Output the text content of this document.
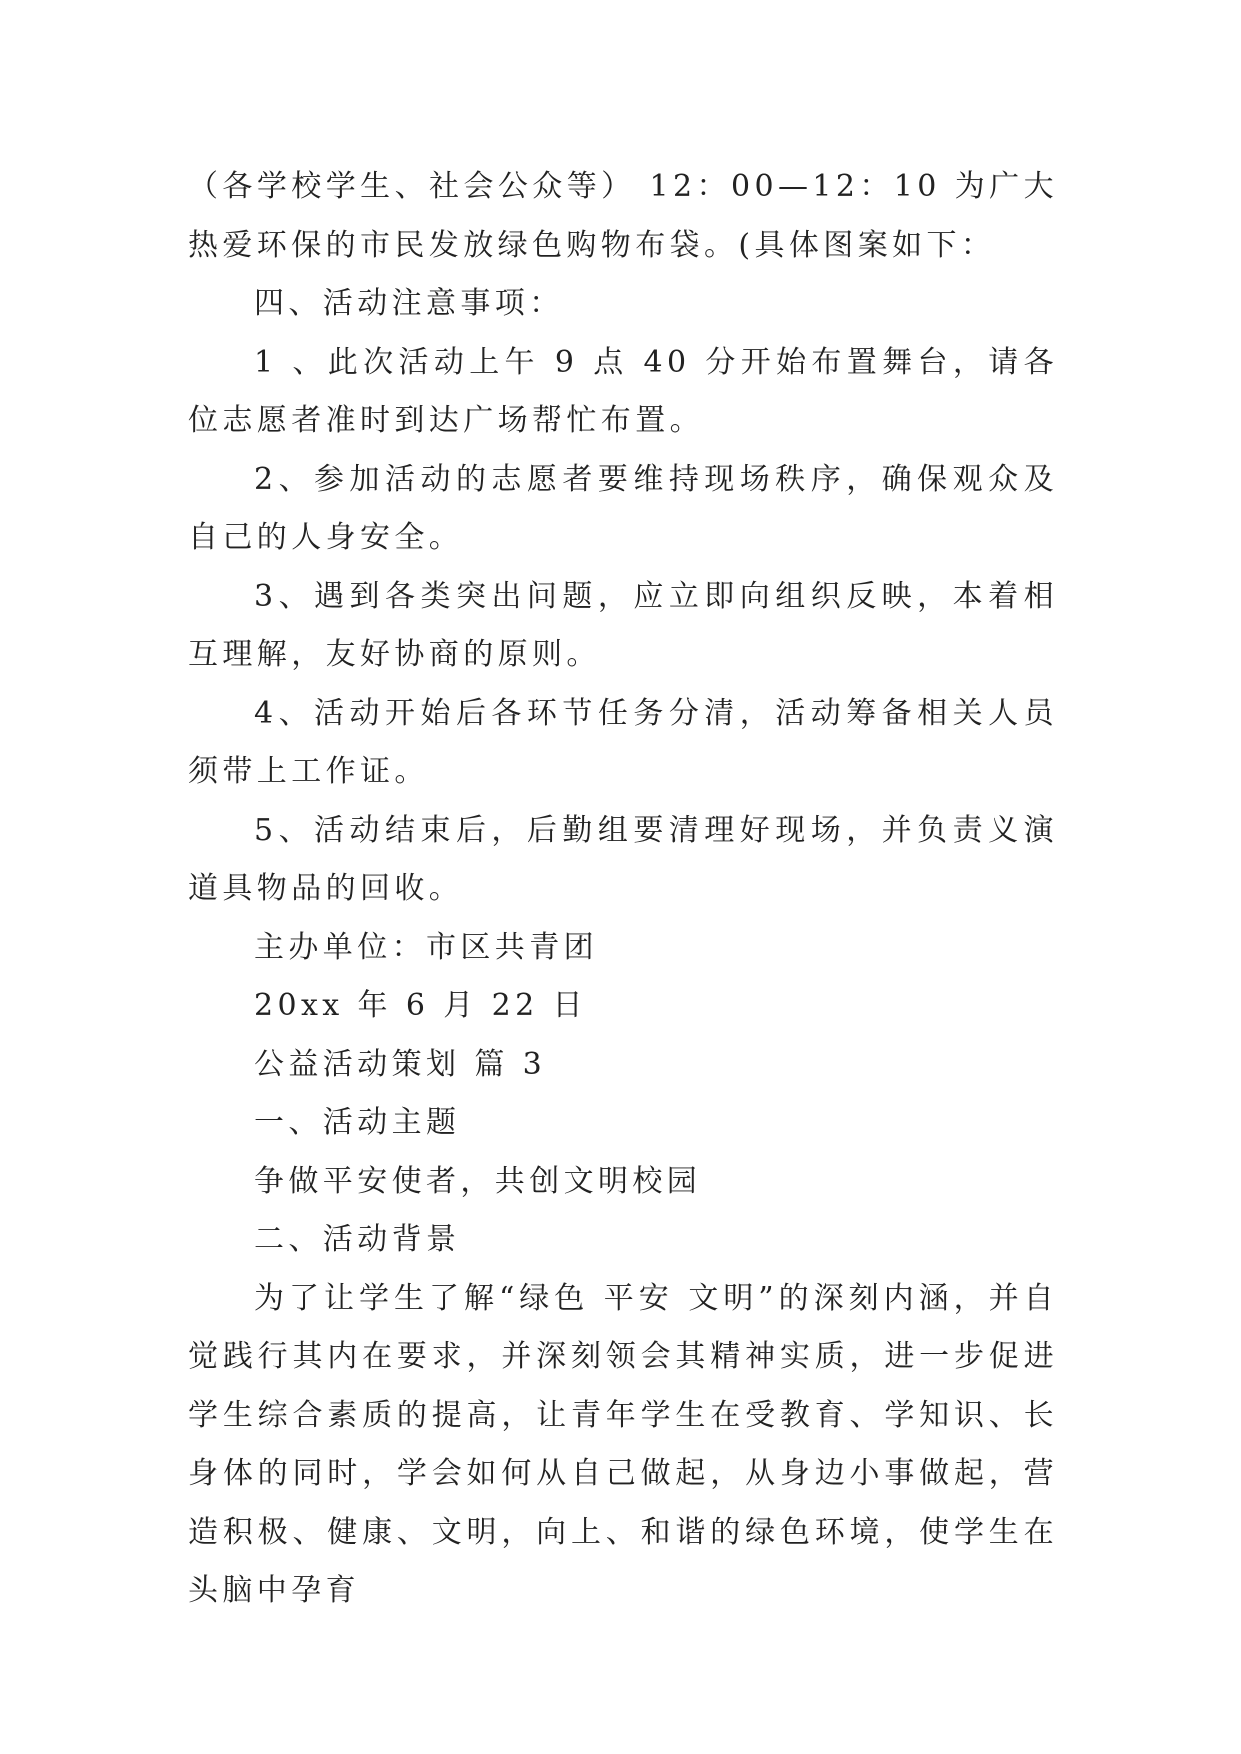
（各学校学生、社会公众等） 12：00—12：10 为广大热爱环保的市民发放绿色购物布袋。(具体图案如下：

四、活动注意事项：

1 、此次活动上午 9 点 40 分开始布置舞台，请各位志愿者准时到达广场帮忙布置。

2、参加活动的志愿者要维持现场秩序，确保观众及自己的人身安全。

3、遇到各类突出问题，应立即向组织反映，本着相互理解，友好协商的原则。

4、活动开始后各环节任务分清，活动筹备相关人员须带上工作证。

5、活动结束后，后勤组要清理好现场，并负责义演道具物品的回收。

主办单位：市区共青团

20xx 年 6 月 22 日

公益活动策划 篇 3

一、活动主题

争做平安使者，共创文明校园

二、活动背景

为了让学生了解“绿色 平安 文明”的深刻内涵，并自觉践行其内在要求，并深刻领会其精神实质，进一步促进学生综合素质的提高，让青年学生在受教育、学知识、长身体的同时，学会如何从自己做起，从身边小事做起，营造积极、健康、文明，向上、和谐的绿色环境，使学生在头脑中孕育
